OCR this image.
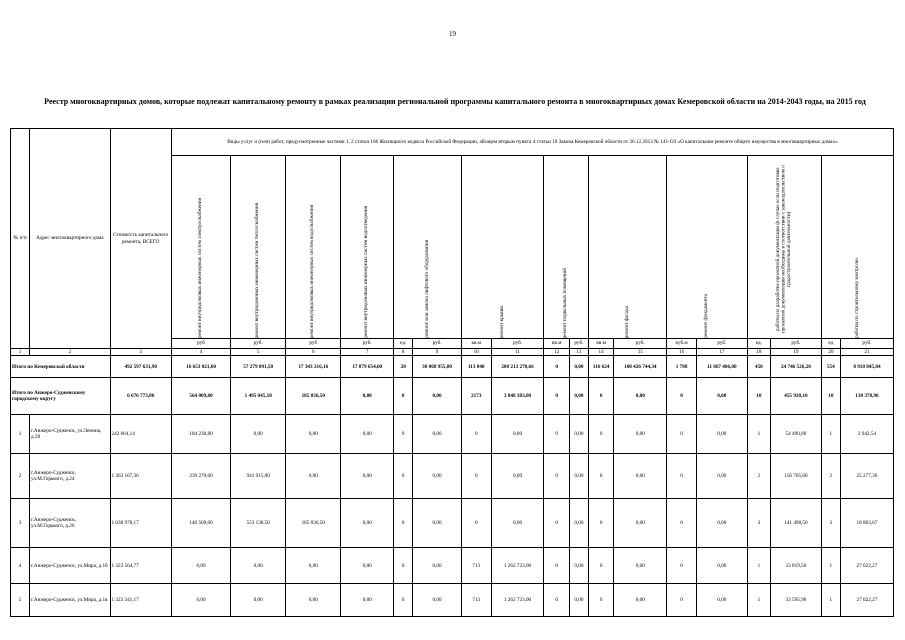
19
Реестр многоквартирных домов, которые подлежат капитальному ремонту в рамках реализации региональной программы капитального ремонта в многоквартирных домах Кемеровской области на 2014-2043 годы, на 2015 год
№ п/п	Адрес многоквартирного дома	Стоимость капитального ремонта, ВСЕГО	Виды услуг и (или) работ, предусмотренные частями 1, 2 статьи 166 Жилищного кодекса Российской Федерации, абзацем вторым пункта 4 статьи 10 Закона Кемеровской области от 26.12.2013 № 141-ОЗ «О капитальном ремонте общего имущества в многоквартирных домах»																	

			ремонт внутридомовых инженерных систем электроснабжения	ремонт внутридомовых инженерных систем теплоснабжения	ремонт внутридомовых инженерных систем водоснабжения	ремонт внутридомовых инженерных систем водоотведения	ремонт или замена лифтового оборудования		ремонт крыши		ремонт подвальных помещений		ремонт фасада		ремонт фундамента		работы по разработке проектной документации (в случае если подготовка проектной документации необходима в соответствии с законодательством о градостроительной деятельности)		работы по строительному контролю	

			руб	руб.	руб	руб.	ед.	руб.	кв.м	руб.	кв.м	руб.	кв.м	руб.	куб.м	руб.	ед.	руб.	ед	руб.
1	2	3	4	5	6	7	8	9	10	11	12	13	14	15	16	17	18	19	20	21
Итого по Кемеровской области		492 597 631,90	16 653 021,60	57 279 891,50	17 343 316,16	17 079 654,60	20	30 068 955,00	113 040	208 213 270,66	0	0,00	116 624	100 426 744,34	1 788	11 867 406,00	450	24 746 526,20	554	8 918 845,84
Итого по Анжеро-Судженскому городскому округу		6 676 773,86	564 009,80	1 495 045,50	185 036,50	0,00	0	0,00	2173	3 848 383,00	0	0,00	0	0,00	0	0,00	10	455 920,10	10	130 378,96
1	г.Анжеро-Судженск, ул.Ленина, д.20	242 664,14	184 230,80	0,00	0,00	0,00	0	0,00	0	0,00	0	0,00	0	0,00	0	0,00	1	54 490,80	1	3 942,54
2	г.Анжеро-Судженск, ул.М.Горького, д.24	1 363 167,36	239 270,00	941 915,00	0,00	0,00	0	0,00	0	0,00	0	0,00	0	0,00	0	0,00	2	156 705,00	2	25 277,36
3	г.Анжеро-Судженск, ул.М.Горького, д.26	1 038 978,17	140 509,00	553 130,50	185 036,50	0,00	0	0,00	0	0,00	0	0,00	0	0,00	0	0,00	3	141 498,50	3	18 803,67
4	г.Анжеро-Судженск, ул.Мира, д.1б	1 323 564,77	0,00	0,00	0,00	0,00	0	0,00	713	1 262 723,00	0	0,00	0	0,00	0	0,00	1	33 819,50	1	27 022,27
5	г.Анжеро-Судженск, ул.Мира, д.1в	1 323 341,17	0,00	0,00	0,00	0,00	0	0,00	713	1 262 723,00	0	0,00	0	0,00	0	0,00	1	33 595,90	1	27 022,27
